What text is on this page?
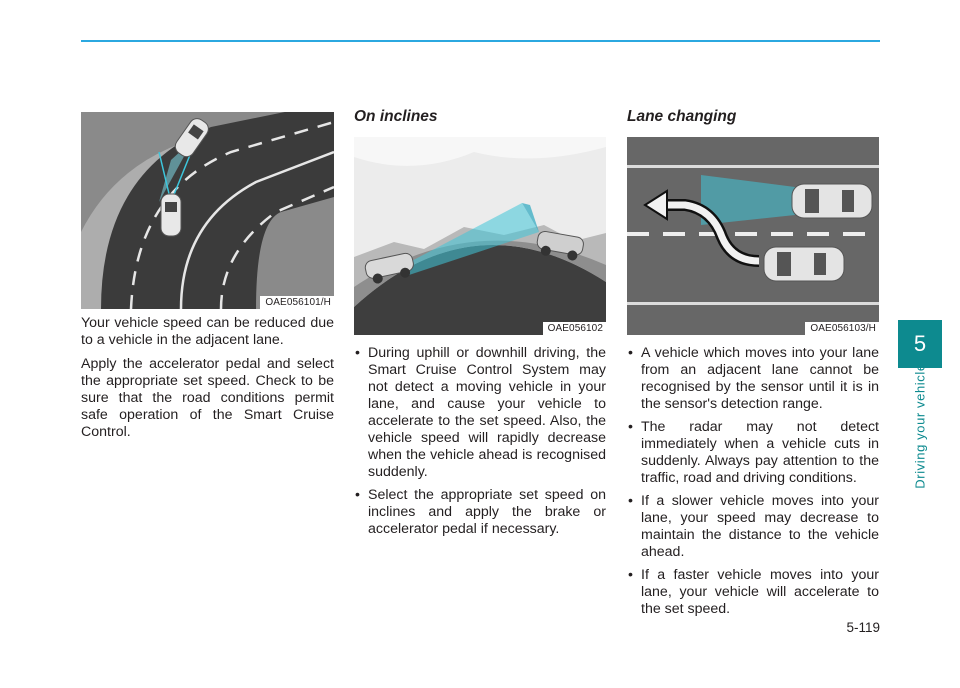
OAE056101/H

Your vehicle speed can be reduced due to a vehicle in the adjacent lane.

Apply the accelerator pedal and select the appropriate set speed. Check to be sure that the road conditions permit safe operation of the Smart Cruise Control.

On inclines
OAE056102
• During uphill or downhill driving, the Smart Cruise Control System may not detect a moving vehicle in your lane, and cause your vehicle to accelerate to the set speed. Also, the vehicle speed will rapidly decrease when the vehicle ahead is recognised suddenly.
• Select the appropriate set speed on inclines and apply the brake or accelerator pedal if necessary.
Lane changing
OAE056103/H
• A vehicle which moves into your lane from an adjacent lane cannot be recognised by the sensor until it is in the sensor's detection range.
• The radar may not detect immediately when a vehicle cuts in suddenly. Always pay attention to the traffic, road and driving conditions.
• If a slower vehicle moves into your lane, your speed may decrease to maintain the distance to the vehicle ahead.
• If a faster vehicle moves into your lane, your vehicle will accelerate to the set speed.
5
Driving your vehicle
5-119
